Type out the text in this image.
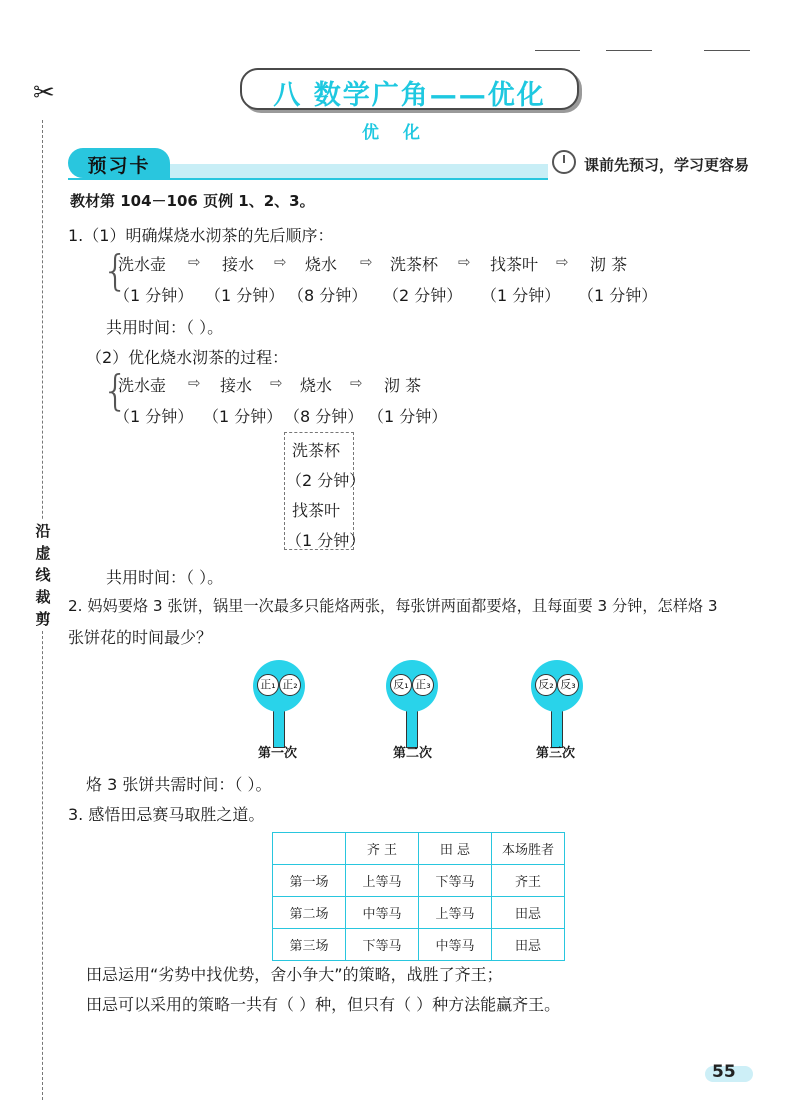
✂
沿
虚
线
裁
剪
八 数学广角——优化
优化
预习卡	课前先预习，学习更容易
教材第 104－106 页例 1、2、3。
1.（1）明确煤烧水沏茶的先后顺序：
{
洗水壶 ⇨ 接水 ⇨ 烧水 ⇨ 洗茶杯 ⇨ 找茶叶 ⇨ 沏 茶
（1 分钟） （1 分钟） （8 分钟） （2 分钟） （1 分钟） （1 分钟）
共用时间：（ ）。
（2）优化烧水沏茶的过程：
{
洗水壶 ⇨ 接水 ⇨ 烧水 ⇨ 沏 茶
（1 分钟） （1 分钟） （8 分钟） （1 分钟）
洗茶杯
（2 分钟）
找茶叶
（1 分钟）
共用时间：（ ）。
2. 妈妈要烙 3 张饼，锅里一次最多只能烙两张，每张饼两面都要烙，且每面要 3 分钟，怎样烙 3
张饼花的时间最少？
正₁ 正₂
第一次
反₁ 正₃
第二次
反₂ 反₃
第三次
烙 3 张饼共需时间：（ ）。
3. 感悟田忌赛马取胜之道。
	齐 王	田 忌	本场胜者
第一场	上等马	下等马	齐王
第二场	中等马	上等马	田忌
第三场	下等马	中等马	田忌
田忌运用“劣势中找优势，舍小争大”的策略，战胜了齐王；
田忌可以采用的策略一共有（ ）种，但只有（ ）种方法能赢齐王。
55
